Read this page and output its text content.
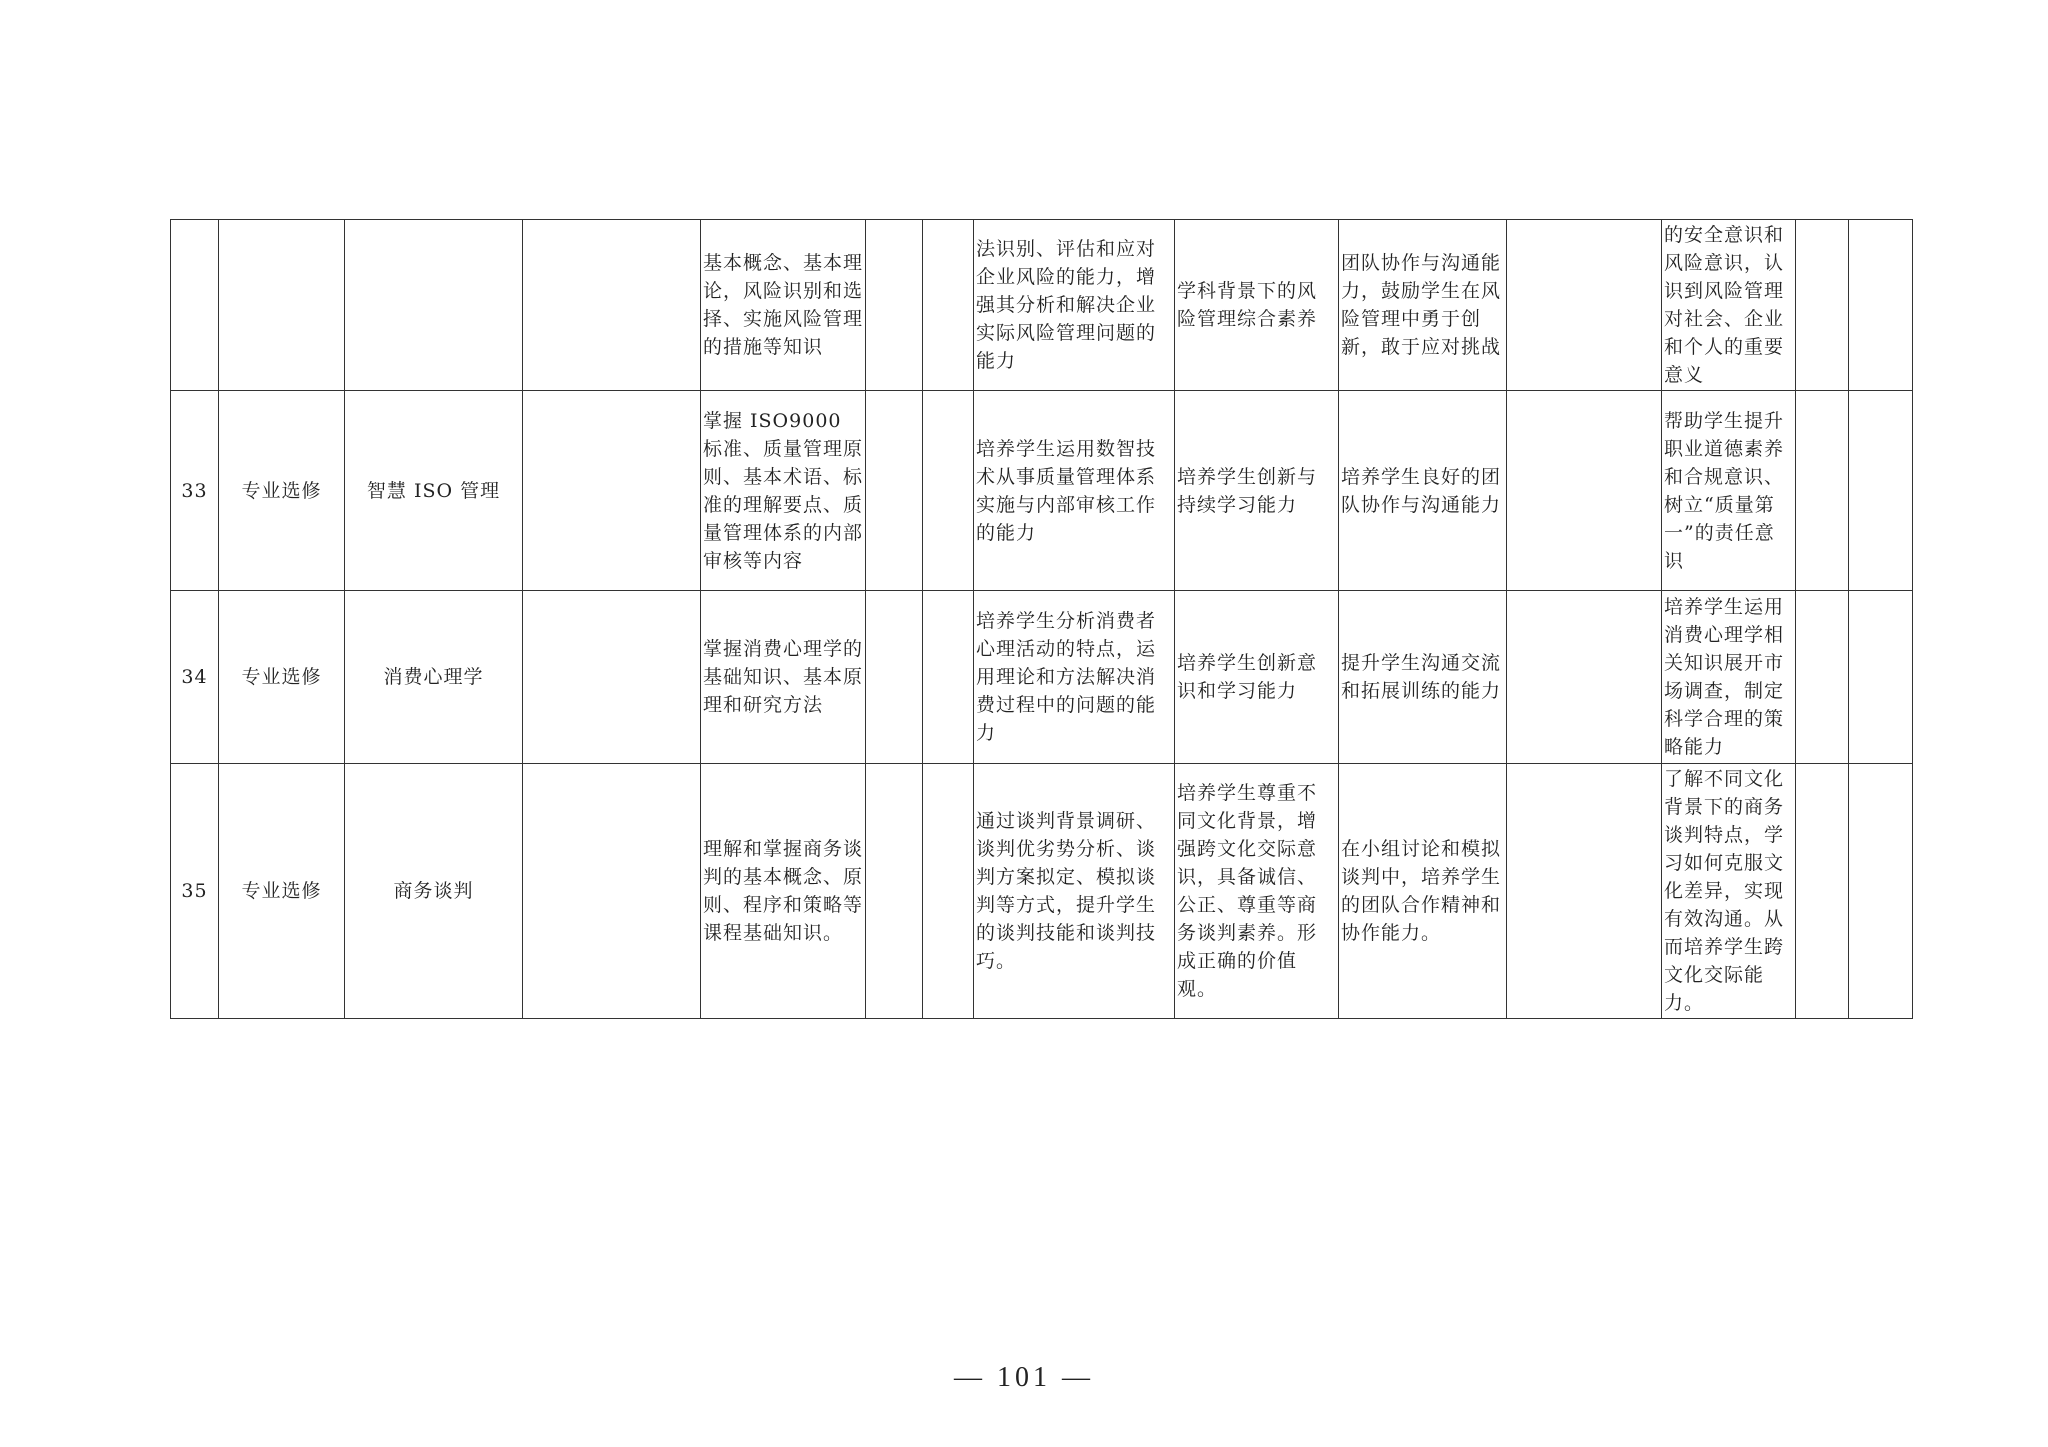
				基本概念、基本理论，风险识别和选择、实施风险管理的措施等知识			法识别、评估和应对企业风险的能力，增强其分析和解决企业实际风险管理问题的能力	学科背景下的风险管理综合素养	团队协作与沟通能力，鼓励学生在风险管理中勇于创新，敢于应对挑战		的安全意识和风险意识，认识到风险管理对社会、企业和个人的重要意义		
33	专业选修	智慧 ISO 管理		掌握 ISO9000 标准、质量管理原则、基本术语、标准的理解要点、质量管理体系的内部审核等内容			培养学生运用数智技术从事质量管理体系实施与内部审核工作的能力	培养学生创新与持续学习能力	培养学生良好的团队协作与沟通能力		帮助学生提升职业道德素养和合规意识、树立“质量第一”的责任意识		
34	专业选修	消费心理学		掌握消费心理学的基础知识、基本原理和研究方法			培养学生分析消费者心理活动的特点，运用理论和方法解决消费过程中的问题的能力	培养学生创新意识和学习能力	提升学生沟通交流和拓展训练的能力		培养学生运用消费心理学相关知识展开市场调查，制定科学合理的策略能力		
35	专业选修	商务谈判		理解和掌握商务谈判的基本概念、原则、程序和策略等课程基础知识。			通过谈判背景调研、谈判优劣势分析、谈判方案拟定、模拟谈判等方式，提升学生的谈判技能和谈判技巧。	培养学生尊重不同文化背景，增强跨文化交际意识，具备诚信、公正、尊重等商务谈判素养。形成正确的价值观。	在小组讨论和模拟谈判中，培养学生的团队合作精神和协作能力。		了解不同文化背景下的商务谈判特点，学习如何克服文化差异，实现有效沟通。从而培养学生跨文化交际能力。		
— 101 —
